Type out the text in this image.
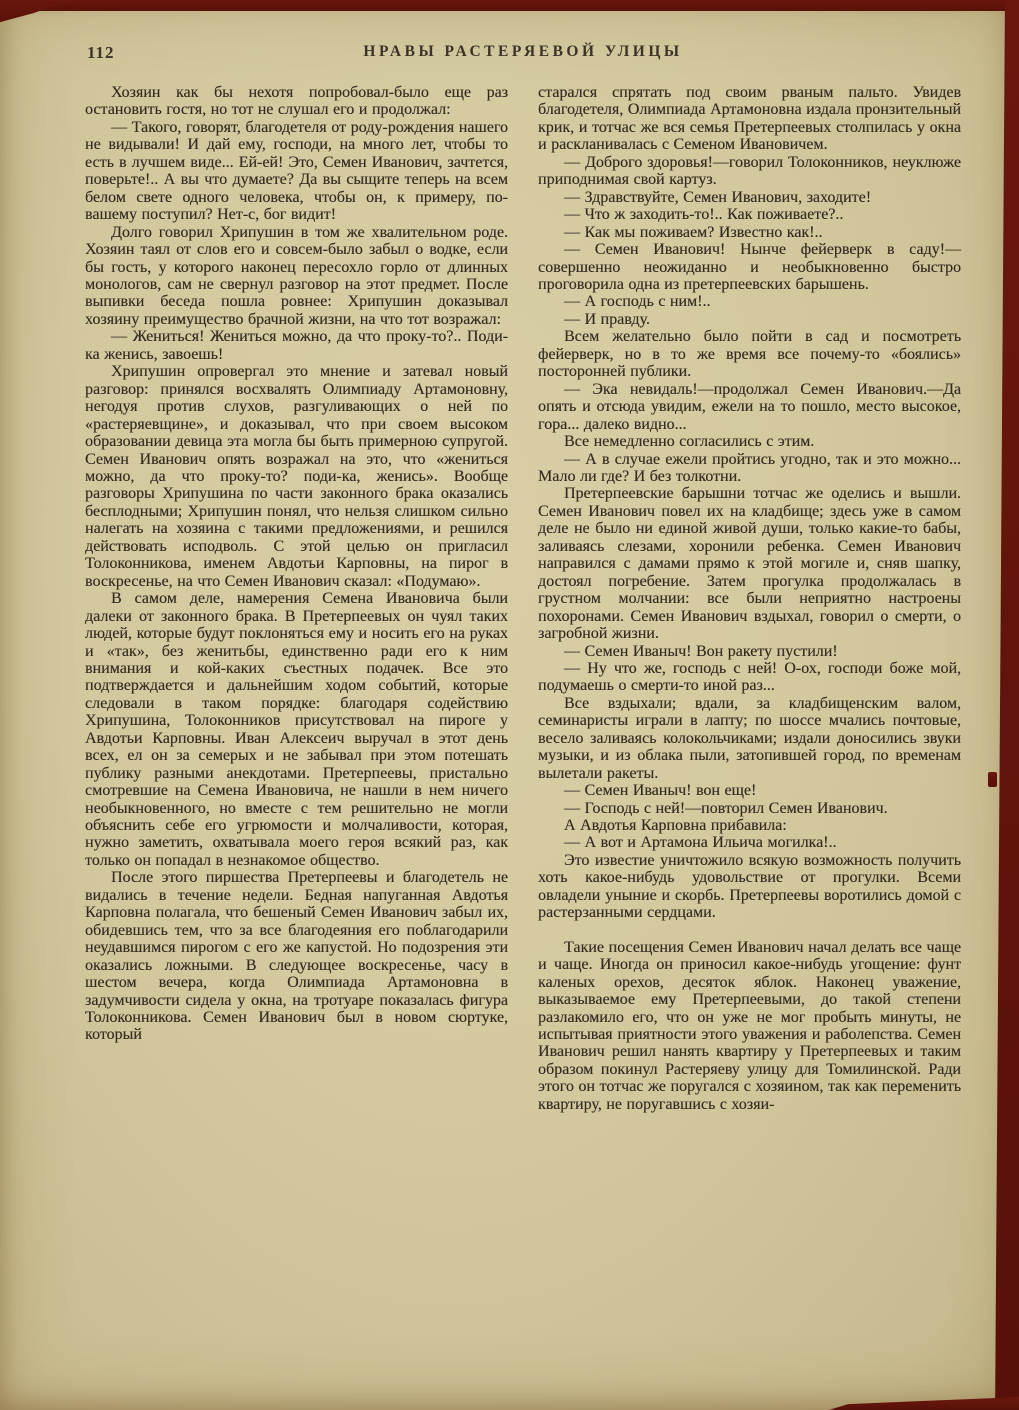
112	НРАВЫ РАСТЕРЯЕВОЙ УЛИЦЫ

Хозяин как бы нехотя попробовал-было еще раз остановить гостя, но тот не слушал его и продолжал:

— Такого, говорят, благодетеля от роду-рождения нашего не видывали! И дай ему, господи, на много лет, чтобы то есть в лучшем виде... Ей-ей! Это, Семен Иванович, зачтется, поверьте!.. А вы что думаете? Да вы сыщите теперь на всем белом свете одного человека, чтобы он, к примеру, по-вашему поступил? Нет-с, бог видит!

Долго говорил Хрипушин в том же хвалительном роде. Хозяин таял от слов его и совсем-было забыл о водке, если бы гость, у которого наконец пересохло горло от длинных монологов, сам не свернул разговор на этот предмет. После выпивки беседа пошла ровнее: Хрипушин доказывал хозяину преимущество брачной жизни, на что тот возражал:

— Жениться! Жениться можно, да что проку-то?.. Поди-ка женись, завоешь!

Хрипушин опровергал это мнение и затевал новый разговор: принялся восхвалять Олимпиаду Артамоновну, негодуя против слухов, разгуливающих о ней по «растеряевщине», и доказывал, что при своем высоком образовании девица эта могла бы быть примерною супругой. Семен Иванович опять возражал на это, что «жениться можно, да что проку-то? поди-ка, женись». Вообще разговоры Хрипушина по части законного брака оказались бесплодными; Хрипушин понял, что нельзя слишком сильно налегать на хозяина с такими предложениями, и решился действовать исподволь. С этой целью он пригласил Толоконникова, именем Авдотьи Карповны, на пирог в воскресенье, на что Семен Иванович сказал: «Подумаю».

В самом деле, намерения Семена Ивановича были далеки от законного брака. В Претерпеевых он чуял таких людей, которые будут поклоняться ему и носить его на руках и «так», без женитьбы, единственно ради его к ним внимания и кой-каких съестных подачек. Все это подтверждается и дальнейшим ходом событий, которые следовали в таком порядке: благодаря содействию Хрипушина, Толоконников присутствовал на пироге у Авдотьи Карповны. Иван Алексеич выручал в этот день всех, ел он за семерых и не забывал при этом потешать публику разными анекдотами. Претерпеевы, пристально смотревшие на Семена Ивановича, не нашли в нем ничего необыкновенного, но вместе с тем решительно не могли объяснить себе его угрюмости и молчаливости, которая, нужно заметить, охватывала моего героя всякий раз, как только он попадал в незнакомое общество.

После этого пиршества Претерпеевы и благодетель не видались в течение недели. Бедная напуганная Авдотья Карповна полагала, что бешеный Семен Иванович забыл их, обидевшись тем, что за все благодеяния его поблагодарили неудавшимся пирогом с его же капустой. Но подозрения эти оказались ложными. В следующее воскресенье, часу в шестом вечера, когда Олимпиада Артамоновна в задумчивости сидела у окна, на тротуаре показалась фигура Толоконникова. Семен Иванович был в новом сюртуке, который

старался спрятать под своим рваным пальто. Увидев благодетеля, Олимпиада Артамоновна издала пронзительный крик, и тотчас же вся семья Претерпеевых столпилась у окна и раскланивалась с Семеном Ивановичем.

— Доброго здоровья!—говорил Толоконников, неуклюже приподнимая свой картуз.

— Здравствуйте, Семен Иванович, заходите!

— Что ж заходить-то!.. Как поживаете?..

— Как мы поживаем? Известно как!..

— Семен Иванович! Нынче фейерверк в саду!—совершенно неожиданно и необыкновенно быстро проговорила одна из претерпеевских барышень.

— А господь с ним!..

— И правду.

Всем желательно было пойти в сад и посмотреть фейерверк, но в то же время все почему-то «боялись» посторонней публики.

— Эка невидаль!—продолжал Семен Иванович.—Да опять и отсюда увидим, ежели на то пошло, место высокое, гора... далеко видно...

Все немедленно согласились с этим.

— А в случае ежели пройтись угодно, так и это можно... Мало ли где? И без толкотни.

Претерпеевские барышни тотчас же оделись и вышли. Семен Иванович повел их на кладбище; здесь уже в самом деле не было ни единой живой души, только какие-то бабы, заливаясь слезами, хоронили ребенка. Семен Иванович направился с дамами прямо к этой могиле и, сняв шапку, достоял погребение. Затем прогулка продолжалась в грустном молчании: все были неприятно настроены похоронами. Семен Иванович вздыхал, говорил о смерти, о загробной жизни.

— Семен Иваныч! Вон ракету пустили!

— Ну что же, господь с ней! О-ох, господи боже мой, подумаешь о смерти-то иной раз...

Все вздыхали; вдали, за кладбищенским валом, семинаристы играли в лапту; по шоссе мчались почтовые, весело заливаясь колокольчиками; издали доносились звуки музыки, и из облака пыли, затопившей город, по временам вылетали ракеты.

— Семен Иваныч! вон еще!

— Господь с ней!—повторил Семен Иванович.

А Авдотья Карповна прибавила:

— А вот и Артамона Ильича могилка!..

Это известие уничтожило всякую возможность получить хоть какое-нибудь удовольствие от прогулки. Всеми овладели уныние и скорбь. Претерпеевы воротились домой с растерзанными сердцами.

Такие посещения Семен Иванович начал делать все чаще и чаще. Иногда он приносил какое-нибудь угощение: фунт каленых орехов, десяток яблок. Наконец уважение, выказываемое ему Претерпеевыми, до такой степени разлакомило его, что он уже не мог пробыть минуты, не испытывая приятности этого уважения и раболепства. Семен Иванович решил нанять квартиру у Претерпеевых и таким образом покинул Растеряеву улицу для Томилинской. Ради этого он тотчас же поругался с хозяином, так как переменить квартиру, не поругавшись с хозяи-
